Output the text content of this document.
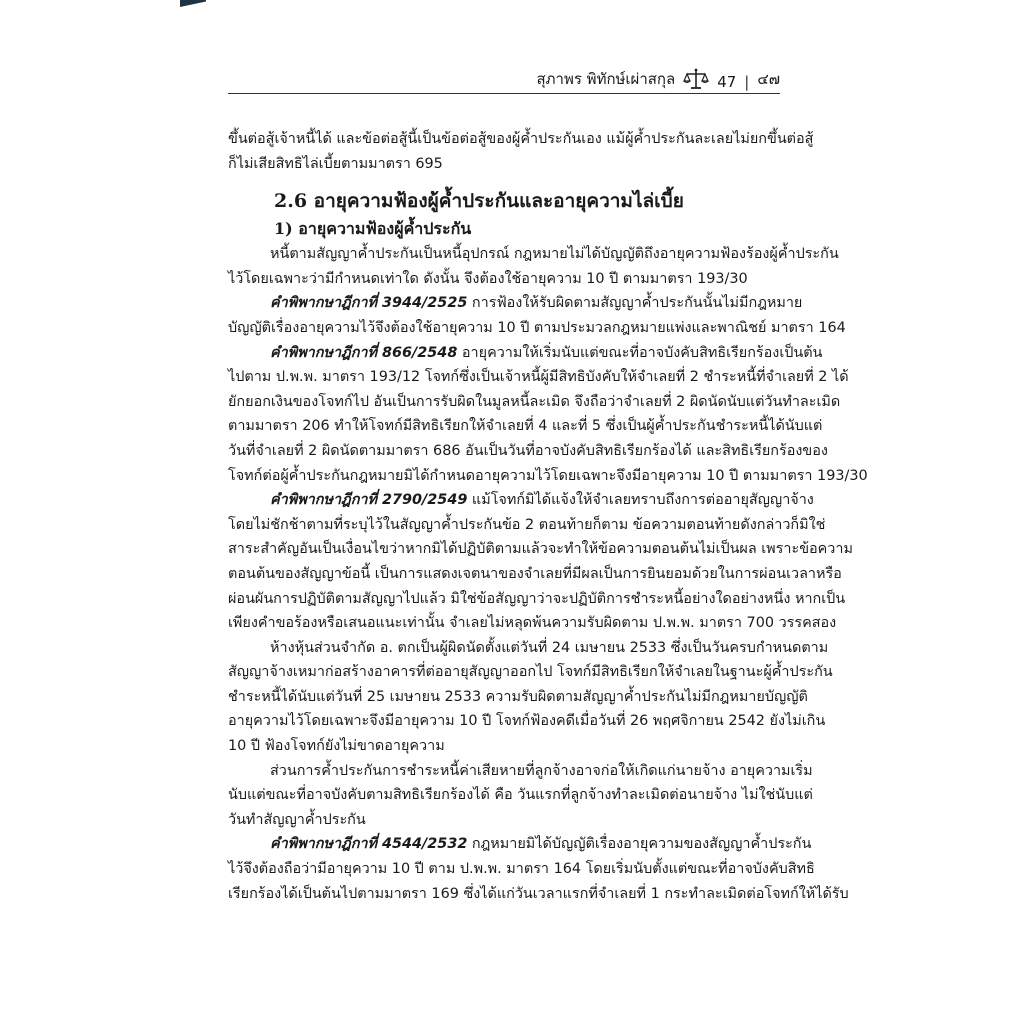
สุภาพร พิทักษ์เผ่าสกุล	47 | ๔๗
ขึ้นต่อสู้เจ้าหนี้ได้ และข้อต่อสู้นี้เป็นข้อต่อสู้ของผู้ค้ำประกันเอง แม้ผู้ค้ำประกันละเลยไม่ยกขึ้นต่อสู้
ก็ไม่เสียสิทธิไล่เบี้ยตามมาตรา 695
2.6 อายุความฟ้องผู้ค้ำประกันและอายุความไล่เบี้ย
1) อายุความฟ้องผู้ค้ำประกัน
หนี้ตามสัญญาค้ำประกันเป็นหนี้อุปกรณ์ กฎหมายไม่ได้บัญญัติถึงอายุความฟ้องร้องผู้ค้ำประกัน
ไว้โดยเฉพาะว่ามีกำหนดเท่าใด ดังนั้น จึงต้องใช้อายุความ 10 ปี ตามมาตรา 193/30
คำพิพากษาฎีกาที่ 3944/2525 การฟ้องให้รับผิดตามสัญญาค้ำประกันนั้นไม่มีกฎหมาย
บัญญัติเรื่องอายุความไว้จึงต้องใช้อายุความ 10 ปี ตามประมวลกฎหมายแพ่งและพาณิชย์ มาตรา 164
คำพิพากษาฎีกาที่ 866/2548 อายุความให้เริ่มนับแต่ขณะที่อาจบังคับสิทธิเรียกร้องเป็นต้น
ไปตาม ป.พ.พ. มาตรา 193/12 โจทก์ซึ่งเป็นเจ้าหนี้ผู้มีสิทธิบังคับให้จำเลยที่ 2 ชำระหนี้ที่จำเลยที่ 2 ได้
ยักยอกเงินของโจทก์ไป อันเป็นการรับผิดในมูลหนี้ละเมิด จึงถือว่าจำเลยที่ 2 ผิดนัดนับแต่วันทำละเมิด
ตามมาตรา 206 ทำให้โจทก์มีสิทธิเรียกให้จำเลยที่ 4 และที่ 5 ซึ่งเป็นผู้ค้ำประกันชำระหนี้ได้นับแต่
วันที่จำเลยที่ 2 ผิดนัดตามมาตรา 686 อันเป็นวันที่อาจบังคับสิทธิเรียกร้องได้ และสิทธิเรียกร้องของ
โจทก์ต่อผู้ค้ำประกันกฎหมายมิได้กำหนดอายุความไว้โดยเฉพาะจึงมีอายุความ 10 ปี ตามมาตรา 193/30
คำพิพากษาฎีกาที่ 2790/2549 แม้โจทก์มิได้แจ้งให้จำเลยทราบถึงการต่ออายุสัญญาจ้าง
โดยไม่ชักช้าตามที่ระบุไว้ในสัญญาค้ำประกันข้อ 2 ตอนท้ายก็ตาม ข้อความตอนท้ายดังกล่าวก็มิใช่
สาระสำคัญอันเป็นเงื่อนไขว่าหากมิได้ปฏิบัติตามแล้วจะทำให้ข้อความตอนต้นไม่เป็นผล เพราะข้อความ
ตอนต้นของสัญญาข้อนี้ เป็นการแสดงเจตนาของจำเลยที่มีผลเป็นการยินยอมด้วยในการผ่อนเวลาหรือ
ผ่อนผันการปฏิบัติตามสัญญาไปแล้ว มิใช่ข้อสัญญาว่าจะปฏิบัติการชำระหนี้อย่างใดอย่างหนึ่ง หากเป็น
เพียงคำขอร้องหรือเสนอแนะเท่านั้น จำเลยไม่หลุดพ้นความรับผิดตาม ป.พ.พ. มาตรา 700 วรรคสอง
ห้างหุ้นส่วนจำกัด อ. ตกเป็นผู้ผิดนัดตั้งแต่วันที่ 24 เมษายน 2533 ซึ่งเป็นวันครบกำหนดตาม
สัญญาจ้างเหมาก่อสร้างอาคารที่ต่ออายุสัญญาออกไป โจทก์มีสิทธิเรียกให้จำเลยในฐานะผู้ค้ำประกัน
ชำระหนี้ได้นับแต่วันที่ 25 เมษายน 2533 ความรับผิดตามสัญญาค้ำประกันไม่มีกฎหมายบัญญัติ
อายุความไว้โดยเฉพาะจึงมีอายุความ 10 ปี โจทก์ฟ้องคดีเมื่อวันที่ 26 พฤศจิกายน 2542 ยังไม่เกิน
10 ปี ฟ้องโจทก์ยังไม่ขาดอายุความ
ส่วนการค้ำประกันการชำระหนี้ค่าเสียหายที่ลูกจ้างอาจก่อให้เกิดแก่นายจ้าง อายุความเริ่ม
นับแต่ขณะที่อาจบังคับตามสิทธิเรียกร้องได้ คือ วันแรกที่ลูกจ้างทำละเมิดต่อนายจ้าง ไม่ใช่นับแต่
วันทำสัญญาค้ำประกัน
คำพิพากษาฎีกาที่ 4544/2532 กฎหมายมิได้บัญญัติเรื่องอายุความของสัญญาค้ำประกัน
ไว้จึงต้องถือว่ามีอายุความ 10 ปี ตาม ป.พ.พ. มาตรา 164 โดยเริ่มนับตั้งแต่ขณะที่อาจบังคับสิทธิ
เรียกร้องได้เป็นต้นไปตามมาตรา 169 ซึ่งได้แก่วันเวลาแรกที่จำเลยที่ 1 กระทำละเมิดต่อโจทก์ให้ได้รับ
